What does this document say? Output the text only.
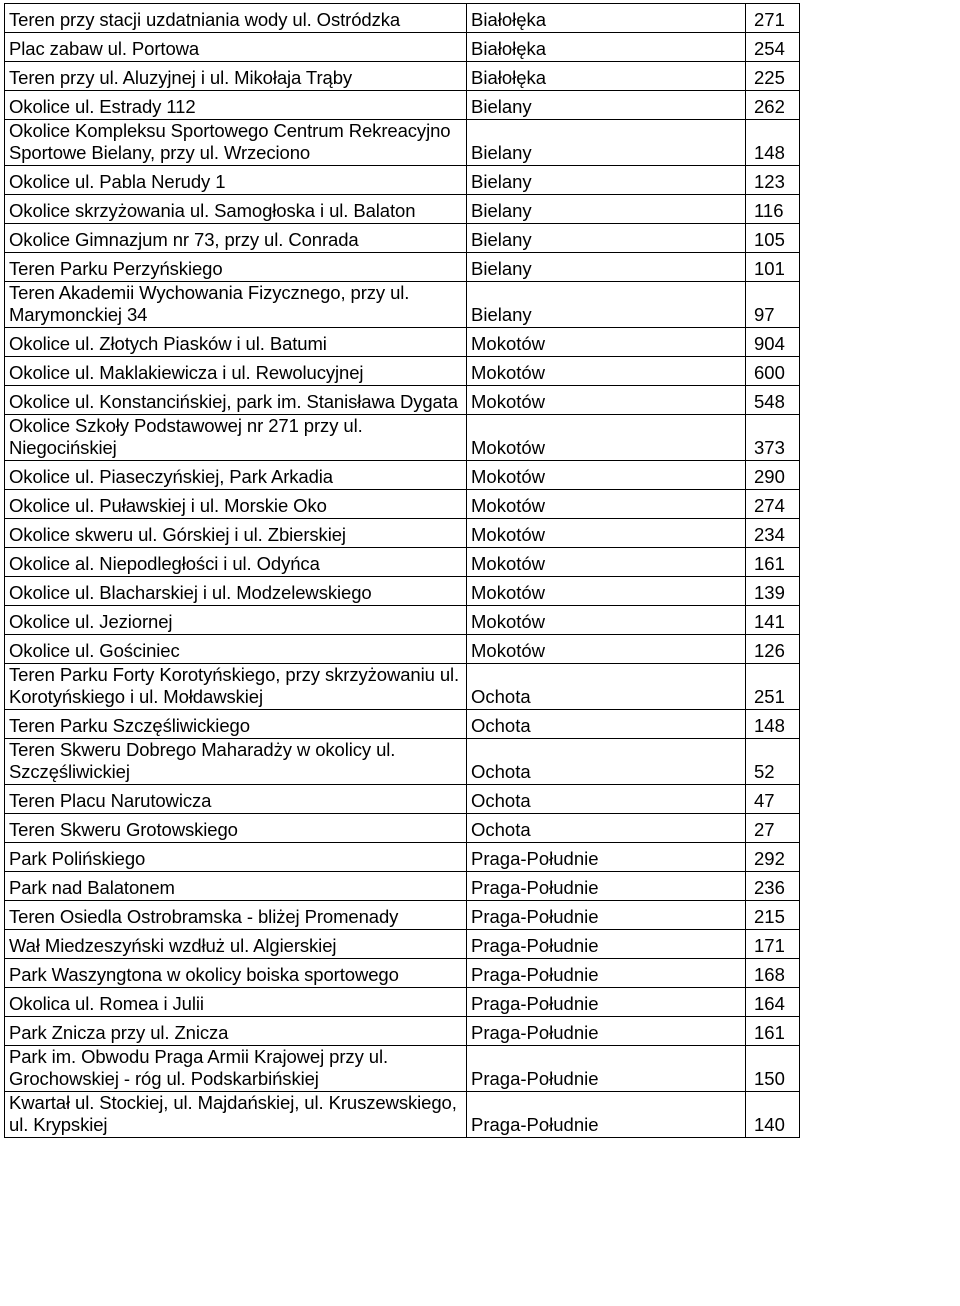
Teren przy stacji uzdatniania wody ul. Ostródzka	Białołęka	271
Plac zabaw ul. Portowa	Białołęka	254
Teren przy ul. Aluzyjnej i ul. Mikołaja Trąby	Białołęka	225
Okolice ul. Estrady 112	Bielany	262
Okolice Kompleksu Sportowego Centrum Rekreacyjno Sportowe Bielany, przy ul. Wrzeciono	Bielany	148
Okolice ul. Pabla Nerudy 1	Bielany	123
Okolice skrzyżowania ul. Samogłoska i ul. Balaton	Bielany	116
Okolice Gimnazjum nr 73, przy ul. Conrada	Bielany	105
Teren Parku Perzyńskiego	Bielany	101
Teren Akademii Wychowania Fizycznego, przy ul. Marymonckiej 34	Bielany	97
Okolice ul. Złotych Piasków i ul. Batumi	Mokotów	904
Okolice ul. Maklakiewicza i ul. Rewolucyjnej	Mokotów	600
Okolice ul. Konstancińskiej, park im. Stanisława Dygata	Mokotów	548
Okolice Szkoły Podstawowej nr 271 przy ul. Niegocińskiej	Mokotów	373
Okolice ul. Piaseczyńskiej, Park Arkadia	Mokotów	290
Okolice ul. Puławskiej i ul. Morskie Oko	Mokotów	274
Okolice skweru ul. Górskiej i ul. Zbierskiej	Mokotów	234
Okolice al. Niepodległości i ul. Odyńca	Mokotów	161
Okolice ul. Blacharskiej i ul. Modzelewskiego	Mokotów	139
Okolice ul. Jeziornej	Mokotów	141
Okolice ul. Gościniec	Mokotów	126
Teren Parku Forty Korotyńskiego, przy skrzyżowaniu ul. Korotyńskiego i ul. Mołdawskiej	Ochota	251
Teren Parku Szczęśliwickiego	Ochota	148
Teren Skweru Dobrego Maharadży w okolicy ul. Szczęśliwickiej	Ochota	52
Teren Placu Narutowicza	Ochota	47
Teren Skweru Grotowskiego	Ochota	27
Park Polińskiego	Praga-Południe	292
Park nad Balatonem	Praga-Południe	236
Teren Osiedla Ostrobramska - bliżej Promenady	Praga-Południe	215
Wał Miedzeszyński wzdłuż ul. Algierskiej	Praga-Południe	171
Park Waszyngtona w okolicy boiska sportowego	Praga-Południe	168
Okolica ul. Romea i Julii	Praga-Południe	164
Park Znicza przy ul. Znicza	Praga-Południe	161
Park im. Obwodu Praga Armii Krajowej przy ul. Grochowskiej - róg ul. Podskarbińskiej	Praga-Południe	150
Kwartał ul. Stockiej, ul. Majdańskiej, ul. Kruszewskiego, ul. Krypskiej	Praga-Południe	140
